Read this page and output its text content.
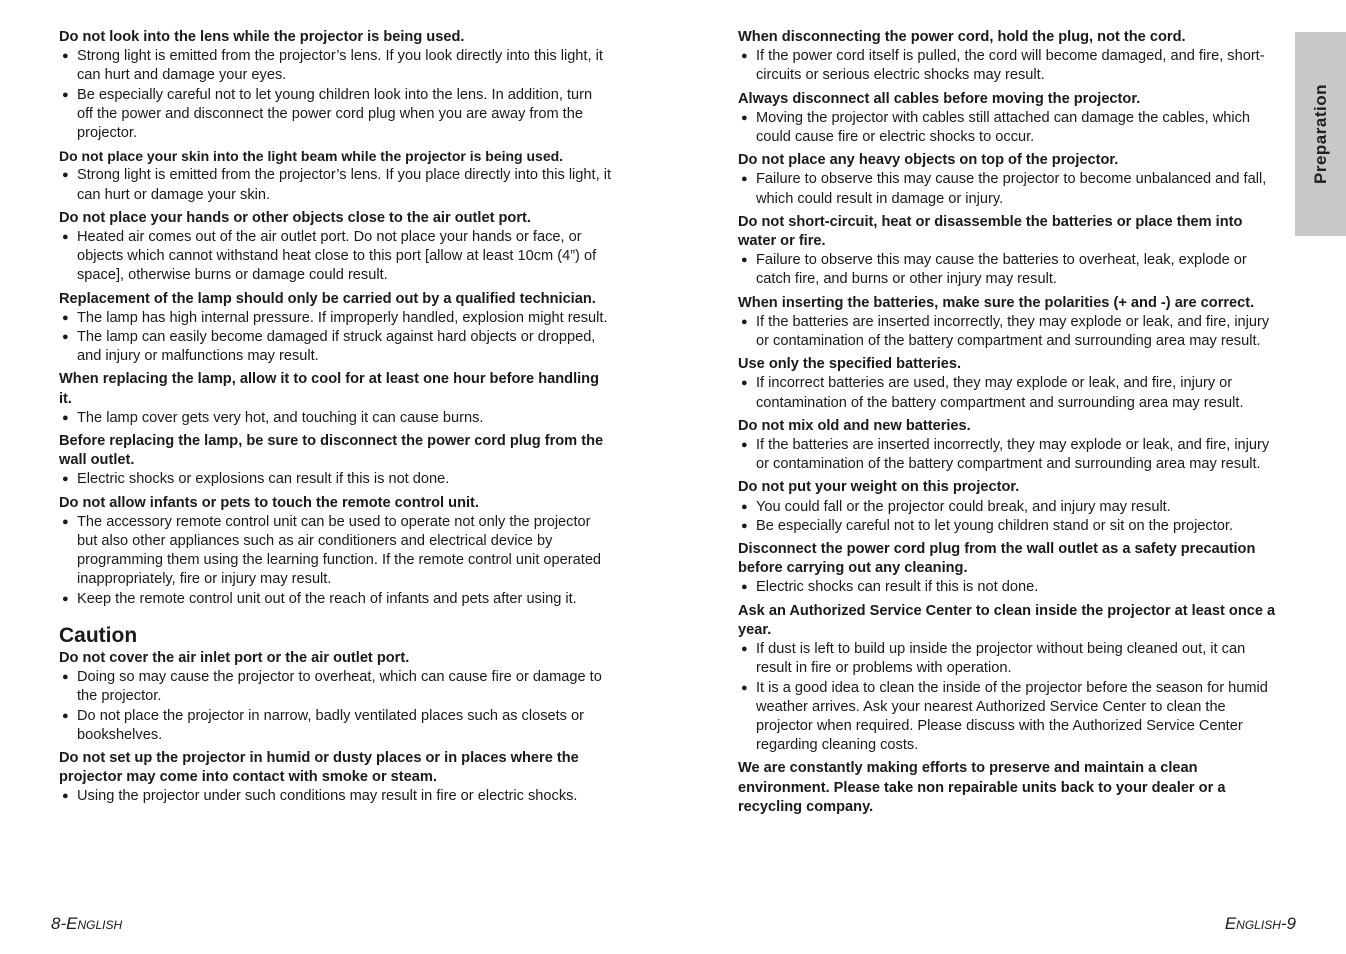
Do not look into the lens while the projector is being used.
● Strong light is emitted from the projector’s lens. If you look directly into this light, it can hurt and damage your eyes.
● Be especially careful not to let young children look into the lens. In addition, turn off the power and disconnect the power cord plug when you are away from the projector.
Do not place your skin into the light beam while the projector is being used.
● Strong light is emitted from the projector’s lens. If you place directly into this light, it can hurt or damage your skin.
Do not place your hands or other objects close to the air outlet port.
● Heated air comes out of the air outlet port. Do not place your hands or face, or objects which cannot withstand heat close to this port [allow at least 10cm (4”) of space], otherwise burns or damage could result.
Replacement of the lamp should only be carried out by a qualified technician.
● The lamp has high internal pressure. If improperly handled, explosion might result.
● The lamp can easily become damaged if struck against hard objects or dropped, and injury or malfunctions may result.
When replacing the lamp, allow it to cool for at least one hour before handling it.
● The lamp cover gets very hot, and touching it can cause burns.
Before replacing the lamp, be sure to disconnect the power cord plug from the wall outlet.
● Electric shocks or explosions can result if this is not done.
Do not allow infants or pets to touch the remote control unit.
● The accessory remote control unit can be used to operate not only the projector but also other appliances such as air conditioners and electrical device by programming them using the learning function. If the remote control unit operated inappropriately, fire or injury may result.
● Keep the remote control unit out of the reach of infants and pets after using it.
Caution
Do not cover the air inlet port or the air outlet port.
● Doing so may cause the projector to overheat, which can cause fire or damage to the projector.
● Do not place the projector in narrow, badly ventilated places such as closets or bookshelves.
Do not set up the projector in humid or dusty places or in places where the projector may come into contact with smoke or steam.
● Using the projector under such conditions may result in fire or electric shocks.
When disconnecting the power cord, hold the plug, not the cord.
● If the power cord itself is pulled, the cord will become damaged, and fire, short-circuits or serious electric shocks may result.
Always disconnect all cables before moving the projector.
● Moving the projector with cables still attached can damage the cables, which could cause fire or electric shocks to occur.
Do not place any heavy objects on top of the projector.
● Failure to observe this may cause the projector to become unbalanced and fall, which could result in damage or injury.
Do not short-circuit, heat or disassemble the batteries or place them into water or fire.
● Failure to observe this may cause the batteries to overheat, leak, explode or catch fire, and burns or other injury may result.
When inserting the batteries, make sure the polarities (+ and -) are correct.
● If the batteries are inserted incorrectly, they may explode or leak, and fire, injury or contamination of the battery compartment and surrounding area may result.
Use only the specified batteries.
● If incorrect batteries are used, they may explode or leak, and fire, injury or contamination of the battery compartment and surrounding area may result.
Do not mix old and new batteries.
● If the batteries are inserted incorrectly, they may explode or leak, and fire, injury or contamination of the battery compartment and surrounding area may result.
Do not put your weight on this projector.
● You could fall or the projector could break, and injury may result.
● Be especially careful not to let young children stand or sit on the projector.
Disconnect the power cord plug from the wall outlet as a safety precaution before carrying out any cleaning.
● Electric shocks can result if this is not done.
Ask an Authorized Service Center to clean inside the projector at least once a year.
● If dust is left to build up inside the projector without being cleaned out, it can result in fire or problems with operation.
● It is a good idea to clean the inside of the projector before the season for humid weather arrives. Ask your nearest Authorized Service Center to clean the projector when required. Please discuss with the Authorized Service Center regarding cleaning costs.
We are constantly making efforts to preserve and maintain a clean environment. Please take non repairable units back to your dealer or a recycling company.
Preparation
8-English	English-9
